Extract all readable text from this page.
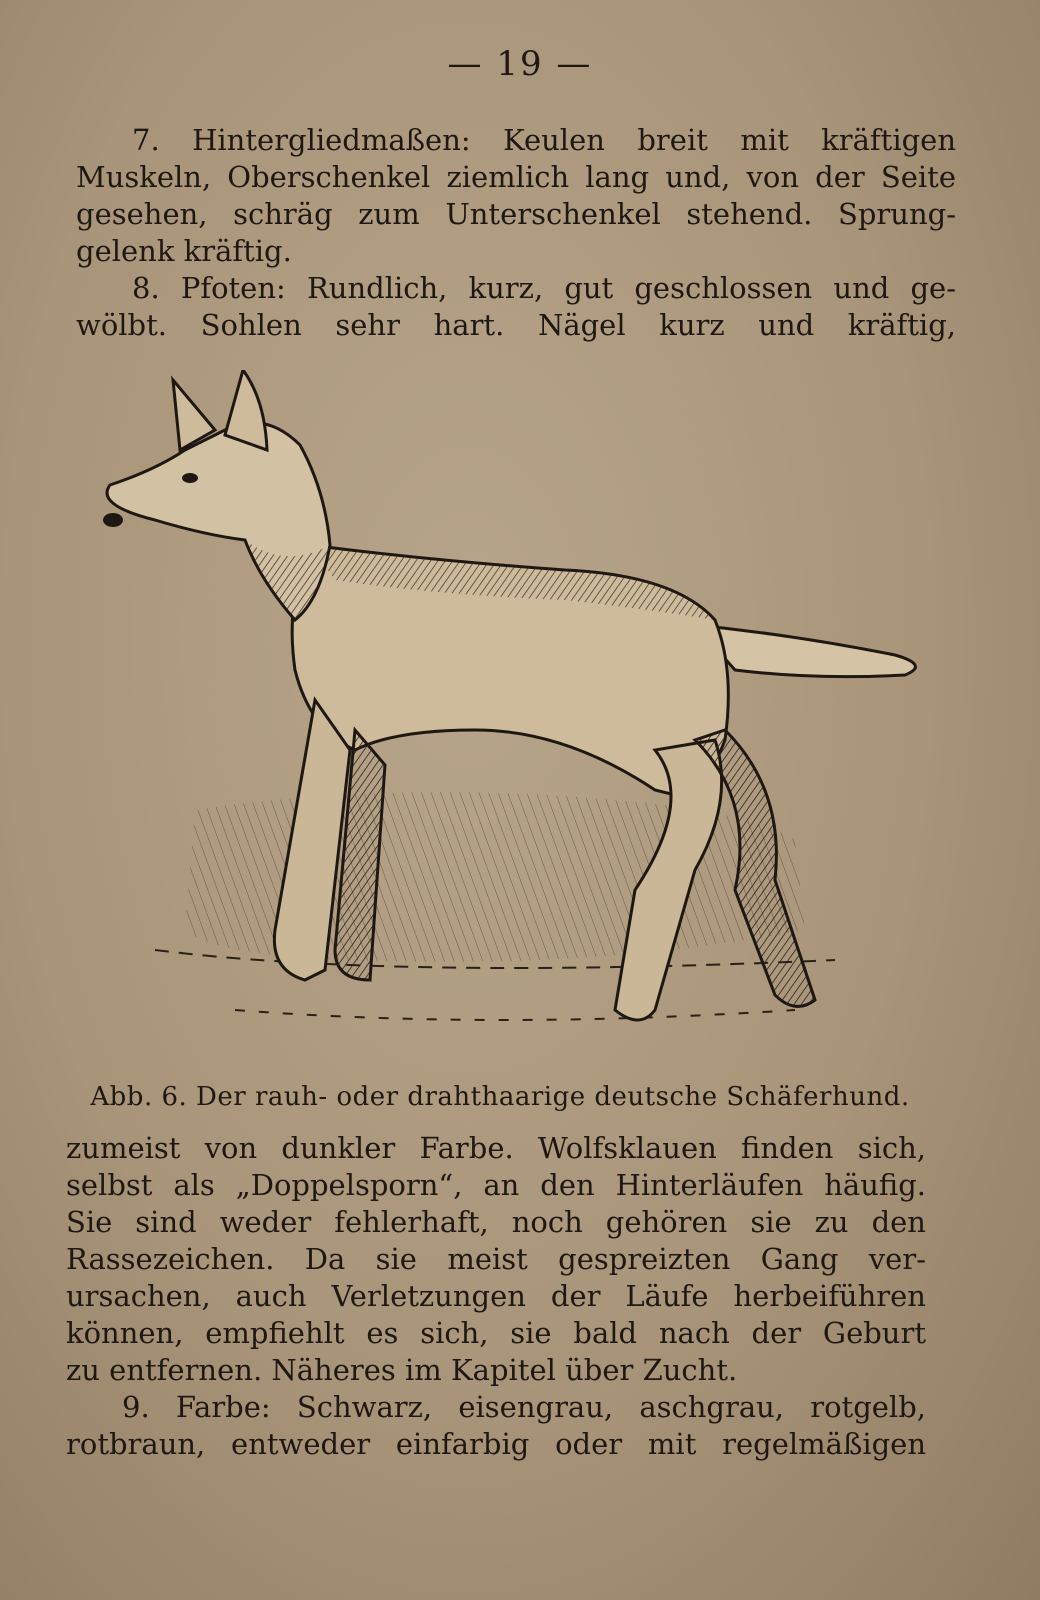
— 19 —
7. Hintergliedmaßen: Keulen breit mit kräftigen
Muskeln, Oberschenkel ziemlich lang und, von der Seite
gesehen, schräg zum Unterschenkel stehend. Sprung-
gelenk kräftig.
8. Pfoten: Rundlich, kurz, gut geschlossen und ge-
wölbt. Sohlen sehr hart. Nägel kurz und kräftig,
Abb. 6. Der rauh- oder drahthaarige deutsche Schäferhund.
zumeist von dunkler Farbe. Wolfsklauen finden sich,
selbst als „Doppelsporn“, an den Hinterläufen häufig.
Sie sind weder fehlerhaft, noch gehören sie zu den
Rassezeichen. Da sie meist gespreizten Gang ver-
ursachen, auch Verletzungen der Läufe herbeiführen
können, empfiehlt es sich, sie bald nach der Geburt
zu entfernen. Näheres im Kapitel über Zucht.
9. Farbe: Schwarz, eisengrau, aschgrau, rotgelb,
rotbraun, entweder einfarbig oder mit regelmäßigen
